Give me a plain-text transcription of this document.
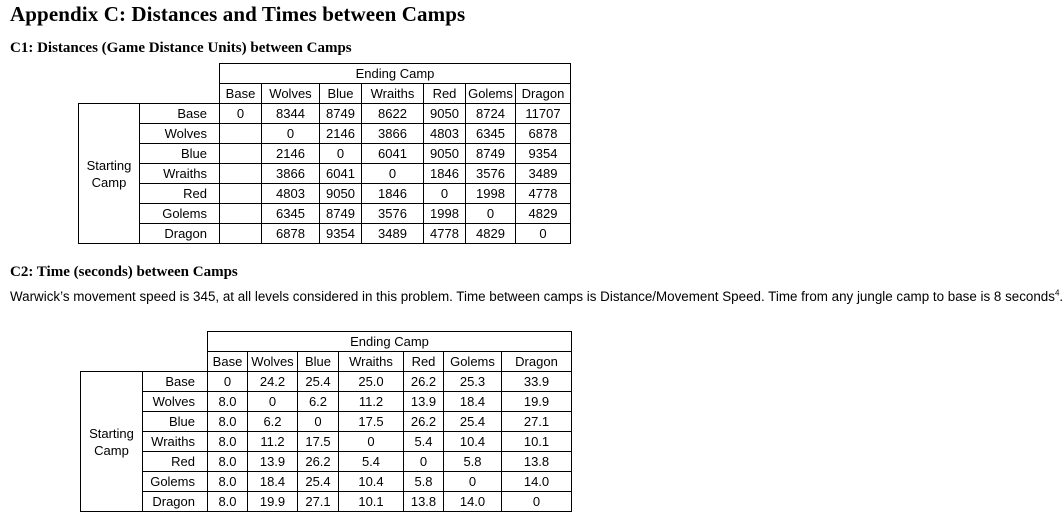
Appendix C: Distances and Times between Camps
C1: Distances (Game Distance Units) between Camps
		Ending Camp						
		Base	Wolves	Blue	Wraiths	Red	Golems	Dragon
Starting Camp	Base	0	8344	8749	8622	9050	8724	11707
	Wolves		0	2146	3866	4803	6345	6878
	Blue		2146	0	6041	9050	8749	9354
	Wraiths		3866	6041	0	1846	3576	3489
	Red		4803	9050	1846	0	1998	4778
	Golems		6345	8749	3576	1998	0	4829
	Dragon		6878	9354	3489	4778	4829	0
C2: Time (seconds) between Camps
Warwick’s movement speed is 345, at all levels considered in this problem. Time between camps is Distance/Movement Speed. Time from any jungle camp to base is 8 seconds$^4$.
		Ending Camp						
		Base	Wolves	Blue	Wraiths	Red	Golems	Dragon
Starting Camp	Base	0	24.2	25.4	25.0	26.2	25.3	33.9
	Wolves	8.0	0	6.2	11.2	13.9	18.4	19.9
	Blue	8.0	6.2	0	17.5	26.2	25.4	27.1
	Wraiths	8.0	11.2	17.5	0	5.4	10.4	10.1
	Red	8.0	13.9	26.2	5.4	0	5.8	13.8
	Golems	8.0	18.4	25.4	10.4	5.8	0	14.0
	Dragon	8.0	19.9	27.1	10.1	13.8	14.0	0
